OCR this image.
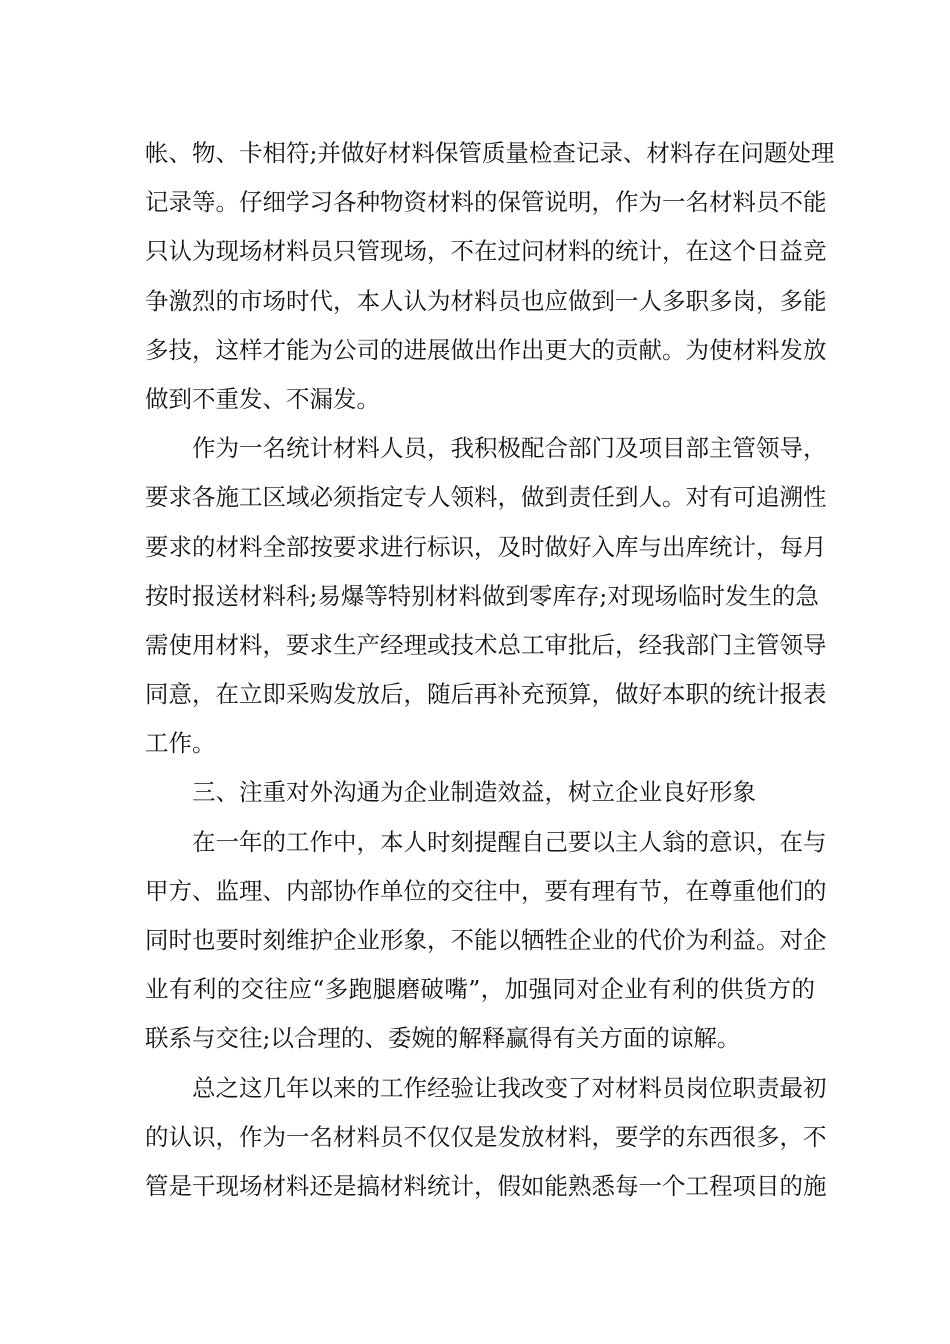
帐、物、卡相符;并做好材料保管质量检查记录、材料存在问题处理
记录等。仔细学习各种物资材料的保管说明，作为一名材料员不能
只认为现场材料员只管现场，不在过问材料的统计，在这个日益竞
争激烈的市场时代，本人认为材料员也应做到一人多职多岗，多能
多技，这样才能为公司的进展做出作出更大的贡献。为使材料发放
做到不重发、不漏发。
作为一名统计材料人员，我积极配合部门及项目部主管领导，
要求各施工区域必须指定专人领料，做到责任到人。对有可追溯性
要求的材料全部按要求进行标识，及时做好入库与出库统计，每月
按时报送材料科;易爆等特别材料做到零库存;对现场临时发生的急
需使用材料，要求生产经理或技术总工审批后，经我部门主管领导
同意，在立即采购发放后，随后再补充预算，做好本职的统计报表
工作。
三、注重对外沟通为企业制造效益，树立企业良好形象
在一年的工作中，本人时刻提醒自己要以主人翁的意识，在与
甲方、监理、内部协作单位的交往中，要有理有节，在尊重他们的
同时也要时刻维护企业形象，不能以牺牲企业的代价为利益。对企
业有利的交往应“多跑腿磨破嘴”，加强同对企业有利的供货方的
联系与交往;以合理的、委婉的解释赢得有关方面的谅解。
总之这几年以来的工作经验让我改变了对材料员岗位职责最初
的认识，作为一名材料员不仅仅是发放材料，要学的东西很多，不
管是干现场材料还是搞材料统计，假如能熟悉每一个工程项目的施
